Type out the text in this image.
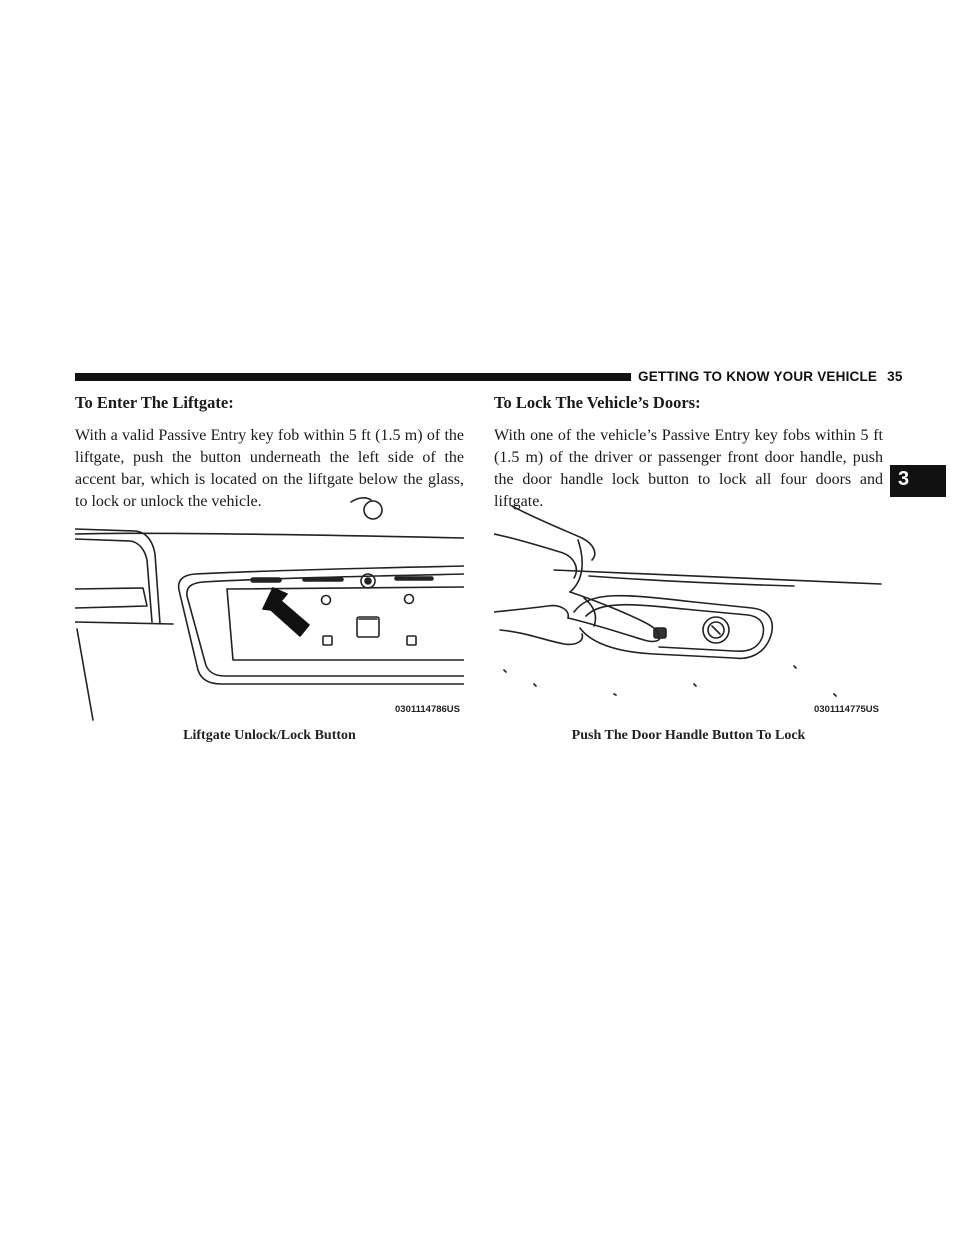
GETTING TO KNOW YOUR VEHICLE 35
3
To Enter The Liftgate:

With a valid Passive Entry key fob within 5 ft (1.5 m) of the liftgate, push the button underneath the left side of the accent bar, which is located on the liftgate below the glass, to lock or unlock the vehicle.

To Lock The Vehicle’s Doors:

With one of the vehicle’s Passive Entry key fobs within 5 ft (1.5 m) of the driver or passenger front door handle, push the door handle lock button to lock all four doors and liftgate.

0301114786US	0301114775US
Liftgate Unlock/Lock Button	Push The Door Handle Button To Lock
